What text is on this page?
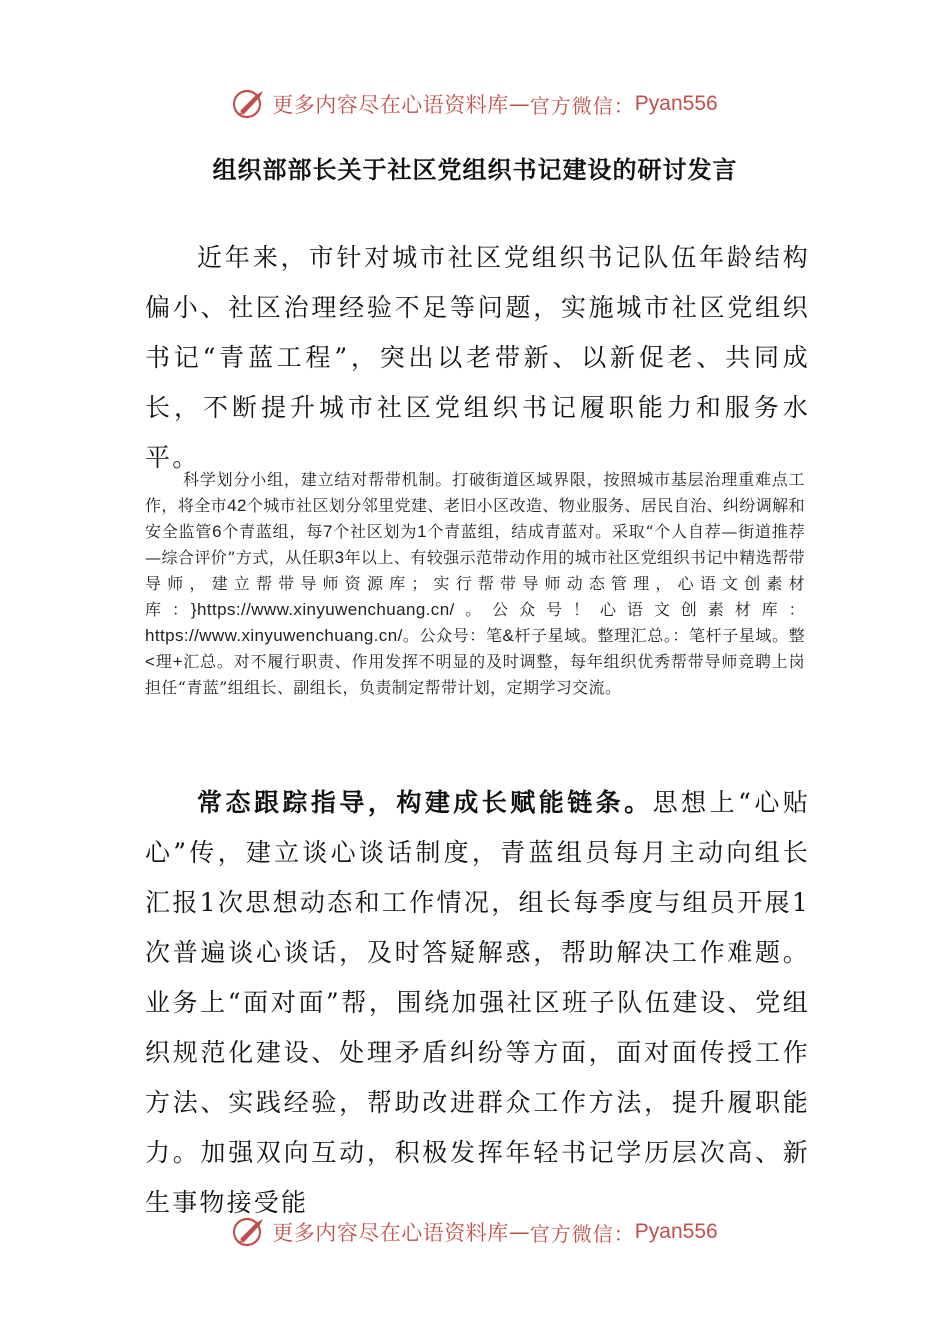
更多内容尽在心语资料库 — 官方微信： Pyan556
组织部部长关于社区党组织书记建设的研讨发言

近年来，市针对城市社区党组织书记队伍年龄结构偏小、社区治理经验不足等问题，实施城市社区党组织书记“青蓝工程”，突出以老带新、以新促老、共同成长，不断提升城市社区党组织书记履职能力和服务水平。

科学划分小组，建立结对帮带机制。打破街道区域界限，按照城市基层治理重难点工作，将全市42个城市社区划分邻里党建、老旧小区改造、物业服务、居民自治、纠纷调解和安全监管6个青蓝组，每7个社区划为1个青蓝组，结成青蓝对。采取“个人自荐—街道推荐—综合评价”方式，从任职3年以上、有较强示范带动作用的城市社区党组织书记中精选帮带导师，建立帮带导师资源库；实行帮带导师动态管理，心语文创素材库：}https://www.xinyuwenchuang.cn/。公众号！心语文创素材库：https://www.xinyuwenchuang.cn/。公众号：笔&杆子星域。整理汇总。：笔杆子星域。整<理+汇总。对不履行职责、作用发挥不明显的及时调整，每年组织优秀帮带导师竞聘上岗担任“青蓝”组组长、副组长，负责制定帮带计划，定期学习交流。

常态跟踪指导，构建成长赋能链条。思想上“心贴心”传，建立谈心谈话制度，青蓝组员每月主动向组长汇报1次思想动态和工作情况，组长每季度与组员开展1次普遍谈心谈话，及时答疑解惑，帮助解决工作难题。业务上“面对面”帮，围绕加强社区班子队伍建设、党组织规范化建设、处理矛盾纠纷等方面，面对面传授工作方法、实践经验，帮助改进群众工作方法，提升履职能力。加强双向互动，积极发挥年轻书记学历层次高、新生事物接受能

更多内容尽在心语资料库 — 官方微信： Pyan556
